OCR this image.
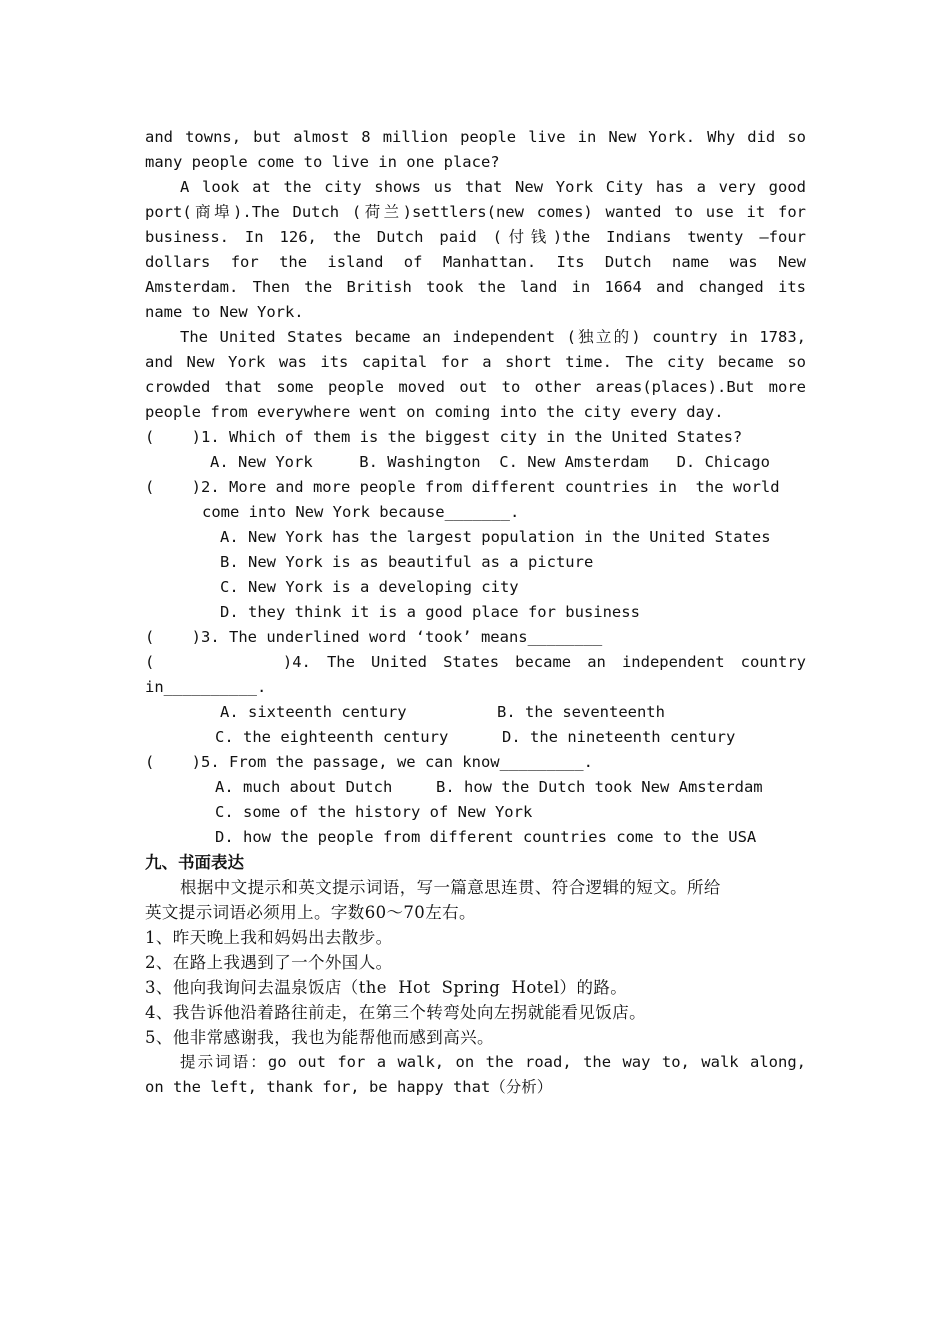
and towns, but almost 8 million people live in New York. Why did so
many people come to live in one place?
A look at the city shows us that New York City has a very good
port(商埠).The Dutch (荷兰)settlers(new comes) wanted to use it for
business. In 126, the Dutch paid (付钱)the Indians twenty –four
dollars for the island of Manhattan. Its Dutch name was New
Amsterdam. Then the British took the land in 1664 and changed its
name to New York.
The United States became an independent (独立的) country in 1783,
and New York was its capital for a short time. The city became so
crowded that some people moved out to other areas(places).But more
people from everywhere went on coming into the city every day.
(    )1. Which of them is the biggest city in the United States?
A. New York     B. Washington  C. New Amsterdam   D. Chicago
(    )2. More and more people from different countries in  the world
come into New York because_______.
A. New York has the largest population in the United States
B. New York is as beautiful as a picture
C. New York is a developing city
D. they think it is a good place for business
(    )3. The underlined word ‘took’ means________
(        )4. The United States became an independent country
in__________.
A. sixteenth century	B. the seventeenth
C. the eighteenth century	D. the nineteenth century
(    )5. From the passage, we can know_________.
A. much about Dutch	B. how the Dutch took New Amsterdam
C. some of the history of New York
D. how the people from different countries come to the USA
九、书面表达
根据中文提示和英文提示词语，写一篇意思连贯、符合逻辑的短文。所给
英文提示词语必须用上。字数60～70左右。
1、昨天晚上我和妈妈出去散步。
2、在路上我遇到了一个外国人。
3、他向我询问去温泉饭店（the  Hot  Spring  Hotel）的路。
4、我告诉他沿着路往前走，在第三个转弯处向左拐就能看见饭店。
5、他非常感谢我，我也为能帮他而感到高兴。
提示词语：go out for a walk, on the road, the way to, walk along,
on the left, thank for, be happy that（分析）
